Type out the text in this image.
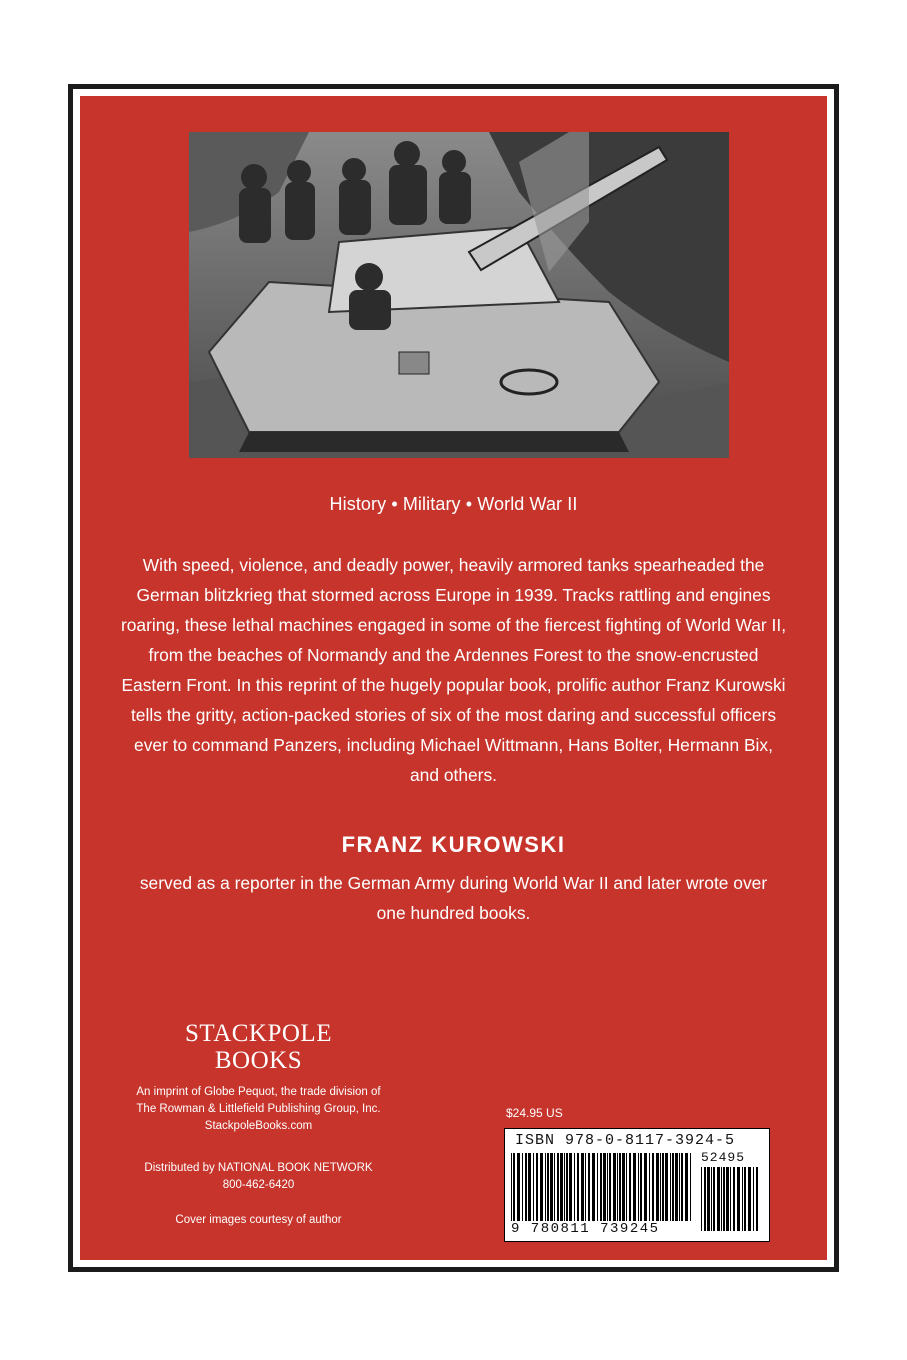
History • Military • World War II
With speed, violence, and deadly power, heavily armored tanks spearheaded the German blitzkrieg that stormed across Europe in 1939. Tracks rattling and engines roaring, these lethal machines engaged in some of the fiercest fighting of World War II, from the beaches of Normandy and the Ardennes Forest to the snow-encrusted Eastern Front. In this reprint of the hugely popular book, prolific author Franz Kurowski tells the gritty, action-packed stories of six of the most daring and successful officers ever to command Panzers, including Michael Wittmann, Hans Bolter, Hermann Bix, and others.
FRANZ KUROWSKI
served as a reporter in the German Army during World War II and later wrote over one hundred books.
STACKPOLE
BOOKS
An imprint of Globe Pequot, the trade division of
The Rowman & Littlefield Publishing Group, Inc.
StackpoleBooks.com
Distributed by NATIONAL BOOK NETWORK
800-462-6420
Cover images courtesy of author
$24.95 US
ISBN 978-0-8117-3924-5
52495
9 780811 739245
